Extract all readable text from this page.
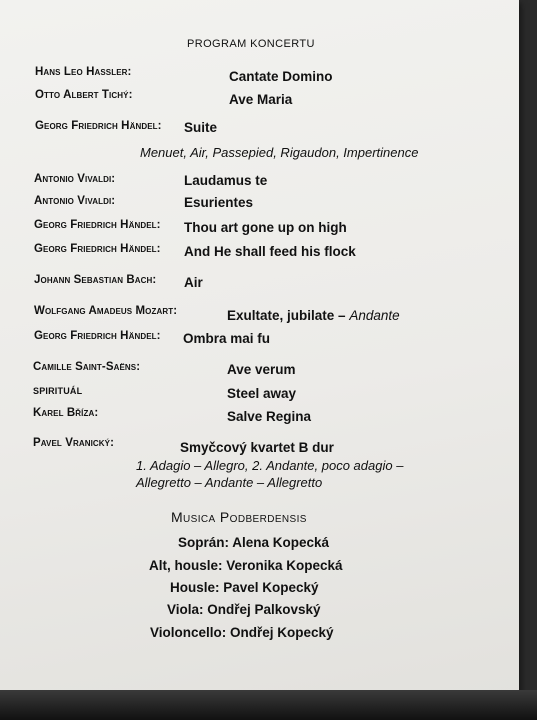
PROGRAM KONCERTU
Hans Leo Hassler:	Cantate Domino
Otto Albert Tichý:	Ave Maria
Georg Friedrich Händel: Suite
Menuet, Air, Passepied, Rigaudon, Impertinence
Antonio Vivaldi:	Laudamus te
Antonio Vivaldi:	Esurientes
Georg Friedrich Händel: Thou art gone up on high
Georg Friedrich Händel: And He shall feed his flock
Johann Sebastian Bach: Air
Wolfgang Amadeus Mozart:	Exultate, jubilate – Andante
Georg Friedrich Händel: Ombra mai fu
Camille Saint-Saëns:	Ave verum
SPIRITUÁL	Steel away
Karel Bříza:	Salve Regina
Pavel Vranický:	Smyčcový kvartet B dur
1. Adagio – Allegro, 2. Andante, poco adagio –
Allegretto – Andante – Allegretto
Musica Podberdensis
Soprán: Alena Kopecká
Alt, housle: Veronika Kopecká
Housle: Pavel Kopecký
Viola: Ondřej Palkovský
Violoncello: Ondřej Kopecký
